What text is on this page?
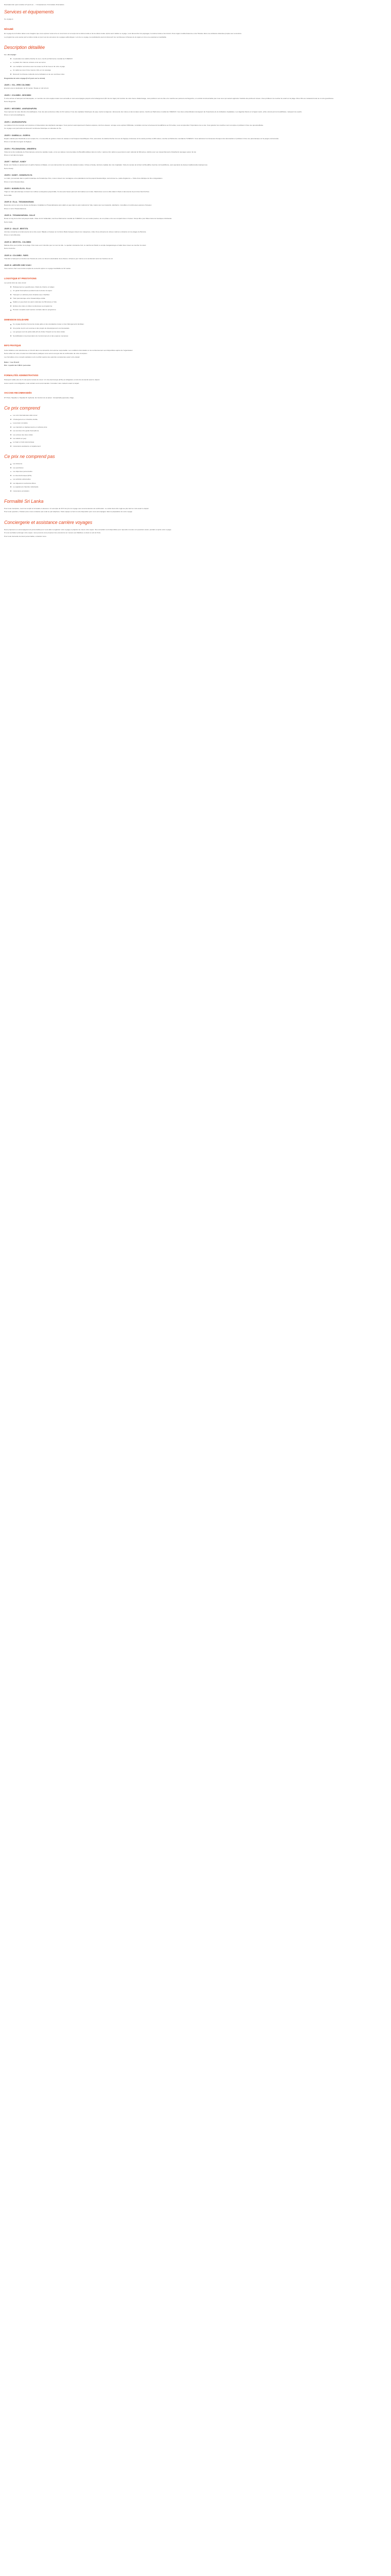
Description En quoi consiste le 5 jours au ... / Compétences / Formulaire d'inscription
Services et équipements
Ce voyage à
RÉSUMÉ

En voyage de la Culture laisse vous imaginer que vous explorez cette terre où vous ferez en le temps de la culture locale et de la culture locale. Après avoir réalisé ce voyage, vous découvrirez les paysages, la cuisine locale et les trésors d'une région méditerranéenne et de l'histoire dans une ambiance détendue propice aux rencontres.

Le programme a été pensé par la culture locale et pour tous les amoureux de voyages authentiques. Lors de ce voyage, les participants pourront découvrir les nombreuses richesses de la région et vivre une expérience inoubliable.

Description détaillée
Le + du voyage :
L'exploration du célèbre Rocher du Lion, inscrit au Patrimoine mondial de l'UNESCO
Le plaisir d'un bain de volcans et de ses terres
Les multiples rencontres avec les locaux au fil de l'eau et de votre voyage
Un safari au cœur d'une réserve riche en vie sauvage
Découvrir la richesse culturelle de la civilisation et de ses nombreux sites
Programme de votre voyage (5 à 5 jours sur le circuit)
JOUR 1 : VOL, VERS COLOMBO

Envolez-vous à destination du Sri Lanka ! Repas et nuit à bord.

JOUR 2 : COLOMBO - NEGOMBO

À votre arrivée à l'aéroport de Katunayake, un membre de notre équipe locale vous accueille et vous accompagne jusqu'à votre hébergement (30 min de trajet). En fonction de votre heure d'atterrissage, nous partirons vers la côte et le marché aux poissons de Negombo, un endroit incontournable pour tous ceux qui veulent apprécier l'activité des pêcheurs locaux. Vous profiterez du coucher de soleil sur la plage. Dîner libre au restaurant local ou à votre guesthouse.

Nuit à Negombo.

JOUR 3 : NEGOMBO - ANURADHAPURA

Vous reprenez la route direction Anuradhapura, l'une des plus anciennes villes du Sri Lanka et l'une des capitales historiques du pays. Après le déjeuner, découverte des ruines et des temples sacrés, inscrits au Patrimoine mondial de l'UNESCO. Ces sites extraordinaires témoignent de l'importance de la civilisation cinghalaise. Les dagobas blancs et le figuier sacré, arbre vénéré par les bouddhistes, marquent les esprits.

Dîner et nuit à Anuradhapura.

JOUR 4 : ANURADHAPURA

Les plaines hors de la jungle sont propices à l'observation des éléphants sauvages. Vous pourrez aussi apercevoir d'autres espèces, dont les oiseaux. Lorsque vous explorez Mihintale, considéré comme le berceau du bouddhisme au Sri Lanka, vous comprendrez l'importance de ce site. Vous gravirez les marches vers le temple et profiterez d'une vue époustouflante.

Ce voyage vous permettra de découvrir la richesse historique et culturelle de l'île.

JOUR 5 : DAMBULLA - SIGIRIYA

Départ matinal pour Dambulla et son temple d'or, un ensemble de grottes ornées de statues et de fresques bouddhiques. Puis, ascension du célèbre Rocher du Lion de Sigiriya, forteresse du Ve siècle perchée à 200 mètres, inscrite au Patrimoine mondial de l'UNESCO. Vous admirerez les fameuses fresques des demoiselles et profiterez d'une vue panoramique sur la jungle environnante.

Dîner et nuit dans la région de Sigiriya.

JOUR 6 : POLONNARUWA - MINNERIYA

Visite de la cité médiévale de Polonnaruwa, ancienne capitale royale, et de ses statues monumentales du Bouddha taillées dans la roche. L'après-midi, safari en jeep dans le parc national de Minneriya, célèbre pour ses rassemblements d'éléphants sauvages autour du lac.

Dîner et nuit dans la région.

JOUR 7 : MATALE - KANDY

Route vers Kandy en passant par un jardin d'épices à Matale, où vous découvrirez les vertus des plantes locales. Arrivée à Kandy, dernière capitale des rois cinghalais. Visite du temple de la Dent du Bouddha, haut lieu du bouddhisme, puis spectacle de danses traditionnelles kandyennes.

Nuit à Kandy.

JOUR 8 : KANDY - NUWARA ELIYA

Le matin, promenade dans le jardin botanique de Peradeniya. Puis, route à travers les montagnes et les plantations de thé jusqu'à Nuwara Eliya, surnommée la « petite Angleterre ». Visite d'une fabrique de thé et dégustation.

Dîner et nuit à Nuwara Eliya.

JOUR 9 : NUWARA ELIYA - ELLA

Trajet en train panoramique à travers les collines verdoyantes jusqu'à Ella, l'un des plus beaux parcours ferroviaires au monde. Randonnée vers le Little Adam's Peak et découverte du pont des Neuf Arches.

Nuit à Ella.

JOUR 10 : ELLA - TISSAMAHARAMA

Descente vers le sud et les chutes de Ravana. Installation à Tissamaharama puis safari en jeep dans le parc national de Yala, réputé pour ses léopards, éléphants, crocodiles et nombreuses espèces d'oiseaux.

Dîner et nuit à Tissamaharama.

JOUR 11 : TISSAMAHARAMA - GALLE

Route le long de la côte sud jusqu'à Galle. Visite du fort hollandais, inscrit au Patrimoine mondial de l'UNESCO, de ses ruelles pavées, de son phare et de ses remparts face à l'océan. Temps libre pour flâner dans les boutiques d'artisanat.

Nuit à Galle.

JOUR 12 : GALLE - BENTOTA

Journée consacrée à la découverte de la côte ouest. Balade en bateau sur la rivière Madu Ganga à travers les mangroves, visite d'une écloserie de tortues marines et détente sur les plages de Bentota.

Dîner et nuit à Bentota.

JOUR 13 : BENTOTA - COLOMBO

Matinée libre pour profiter de la plage. Puis route vers Colombo pour un tour de ville : le quartier colonial de Fort, le marché de Pettah, le temple Gangaramaya et Galle Face Green au coucher du soleil.

Nuit à Colombo.

JOUR 14 : COLOMBO - PARIS

Transfert à l'aéroport en fonction de l'horaire de votre vol. Envol à destination de la France. Arrivée le jour même ou le lendemain selon les horaires de vol.

JOUR 15 : ARRIVÉE CHEZ VOUS !

Vous rentrez chez vous la tête remplie de souvenirs après ce voyage inoubliable au Sri Lanka.

LOGISTIQUE ET PRESTATIONS
Les points forts de notre circuit :
Hébergement en guesthouses, hôtels de charme et lodges
Un guide francophone pendant toute la durée du séjour
Transport en véhicule privé climatisé avec chauffeur
Train panoramique entre Nuwara Eliya et Ella
Safaris en jeep dans les parcs nationaux de Minneriya et Yala
Entrées des sites et visites mentionnées au programme
Pension complète sauf mention contraire dans le programme
DIMENSION SOLIDAIRE
Ce voyage favorise l'économie locale grâce à des prestataires locaux et des hébergements familiaux
Une partie du prix est reversée à des projets de développement communautaire
Les groupes sont de petite taille afin de limiter l'impact sur les sites visités
Sensibilisation à la préservation de l'environnement et des espèces menacées
INFO PRATIQUE

Cette initiative a été sélectionnée et s'inscrit dans une démarche de tourisme responsable. Les conditions d'annulation et de remboursement sont disponibles auprès de l'organisateur.

Notre cahier de route et toutes les informations pratiques vous seront envoyés dès la confirmation de votre inscription.

Les formalités et les conseils sanitaires sont à vérifier auprès des autorités compétentes avant votre départ.

Dates : 1 au 15 avril
Prix : à partir de 2 450 € / personne
FORMALITÉS ADMINISTRATIVES

Passeport valide plus de 6 mois après la date de retour. Un visa électronique (ETA) est obligatoire et doit être demandé avant le départ.

Aucun vaccin n'est obligatoire, mais certains sont recommandés. Consultez votre médecin avant le départ.

VACCINS RECOMMANDÉS

DT Polio, Hépatite A, Hépatite B, Typhoïde. En fonction de la saison : Encéphalite japonaise, Rage.

Ce prix comprend
Les vols internationaux aller-retour
L'hébergement en chambre double
La pension complète
Les transferts et déplacements en véhicule privé
Les services d'un guide francophone
Les entrées des sites visités
Les safaris en jeep
Le trajet en train panoramique
L'assurance assistance et rapatriement
Ce prix ne comprend pas
Les boissons
Les pourboires
Les dépenses personnelles
Le visa électronique (ETA)
Les activités optionnelles
Les déjeuners mentionnés libres
Le supplément chambre individuelle
L'assurance annulation
Formalité Sri Lanka

Pour toute inscription, merci de remplir le formulaire ci-dessous. Un acompte de 30 % du prix du voyage vous sera demandé à la confirmation. Le solde devra être réglé au plus tard un mois avant le départ.

Pour toute question, n'hésitez pas à nous contacter par email ou par téléphone. Notre équipe se tient à votre disposition pour vous accompagner dans la préparation de votre voyage.

Conciergerie et assistance carrière voyages

Nous proposons un accompagnement personnalisé pour vous aider à organiser votre voyage et préparer au mieux votre séjour. Nos conseillers sont disponibles pour répondre à toutes vos questions avant, pendant et après votre voyage.

Si vous souhaitez prolonger votre séjour, nous pouvons vous proposer des extensions sur mesure aux Maldives ou dans le sud de l'Inde.

Pour toute demande de devis personnalisé, contactez-nous.
